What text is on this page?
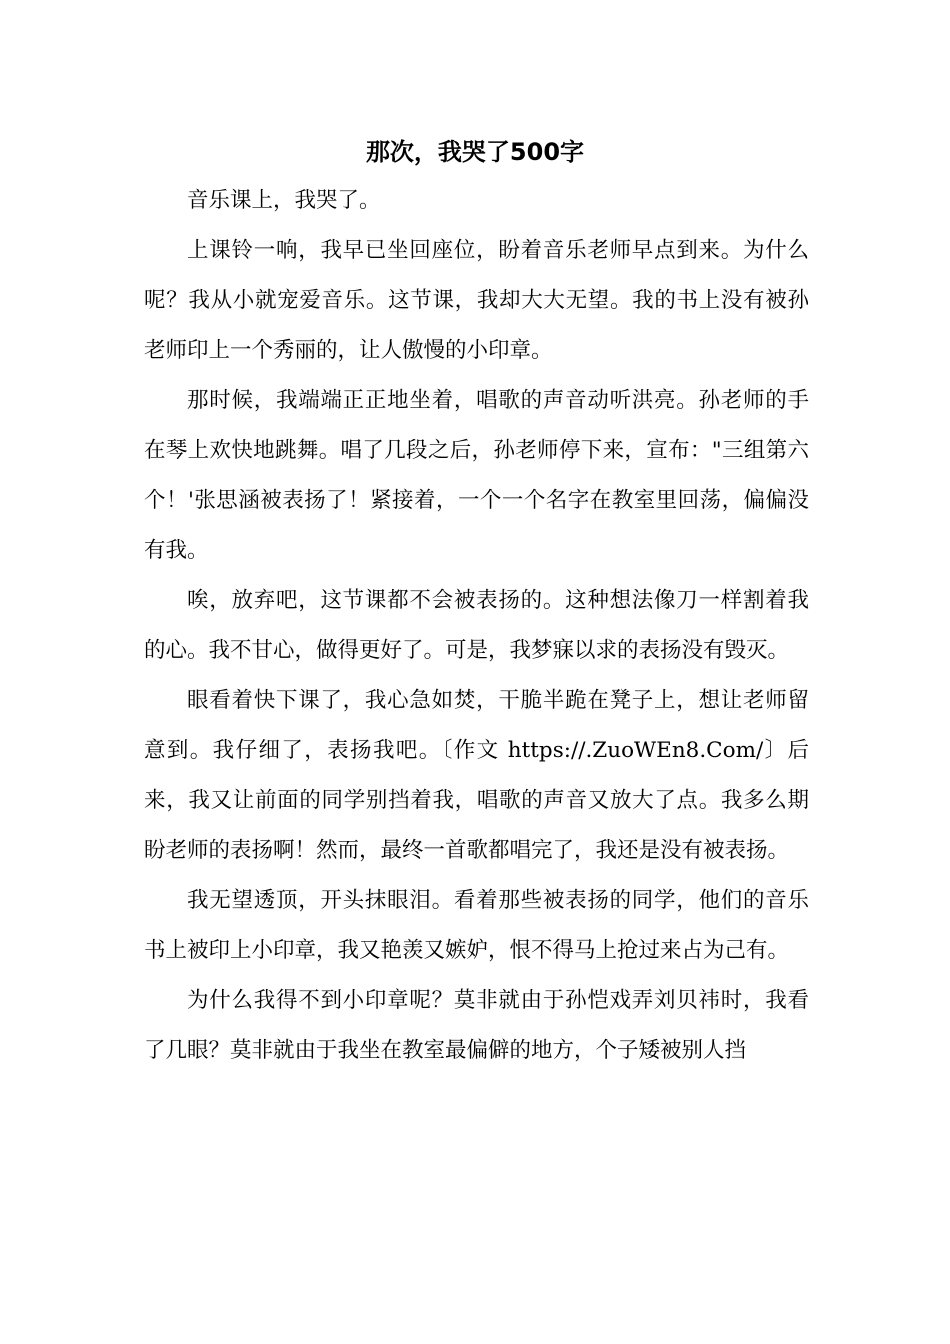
那次，我哭了500字

音乐课上，我哭了。

上课铃一响，我早已坐回座位，盼着音乐老师早点到来。为什么呢？我从小就宠爱音乐。这节课，我却大大无望。我的书上没有被孙老师印上一个秀丽的，让人傲慢的小印章。

那时候，我端端正正地坐着，唱歌的声音动听洪亮。孙老师的手在琴上欢快地跳舞。唱了几段之后，孙老师停下来，宣布："三组第六个！'张思涵被表扬了！紧接着，一个一个名字在教室里回荡，偏偏没有我。

唉，放弃吧，这节课都不会被表扬的。这种想法像刀一样割着我的心。我不甘心，做得更好了。可是，我梦寐以求的表扬没有毁灭。

眼看着快下课了，我心急如焚，干脆半跪在凳子上，想让老师留意到。我仔细了，表扬我吧。〔作文 https://.ZuoWEn8.Com/〕后来，我又让前面的同学别挡着我，唱歌的声音又放大了点。我多么期盼老师的表扬啊！然而，最终一首歌都唱完了，我还是没有被表扬。

我无望透顶，开头抹眼泪。看着那些被表扬的同学，他们的音乐书上被印上小印章，我又艳羡又嫉妒，恨不得马上抢过来占为己有。

为什么我得不到小印章呢？莫非就由于孙恺戏弄刘贝祎时，我看了几眼？莫非就由于我坐在教室最偏僻的地方，个子矮被别人挡
